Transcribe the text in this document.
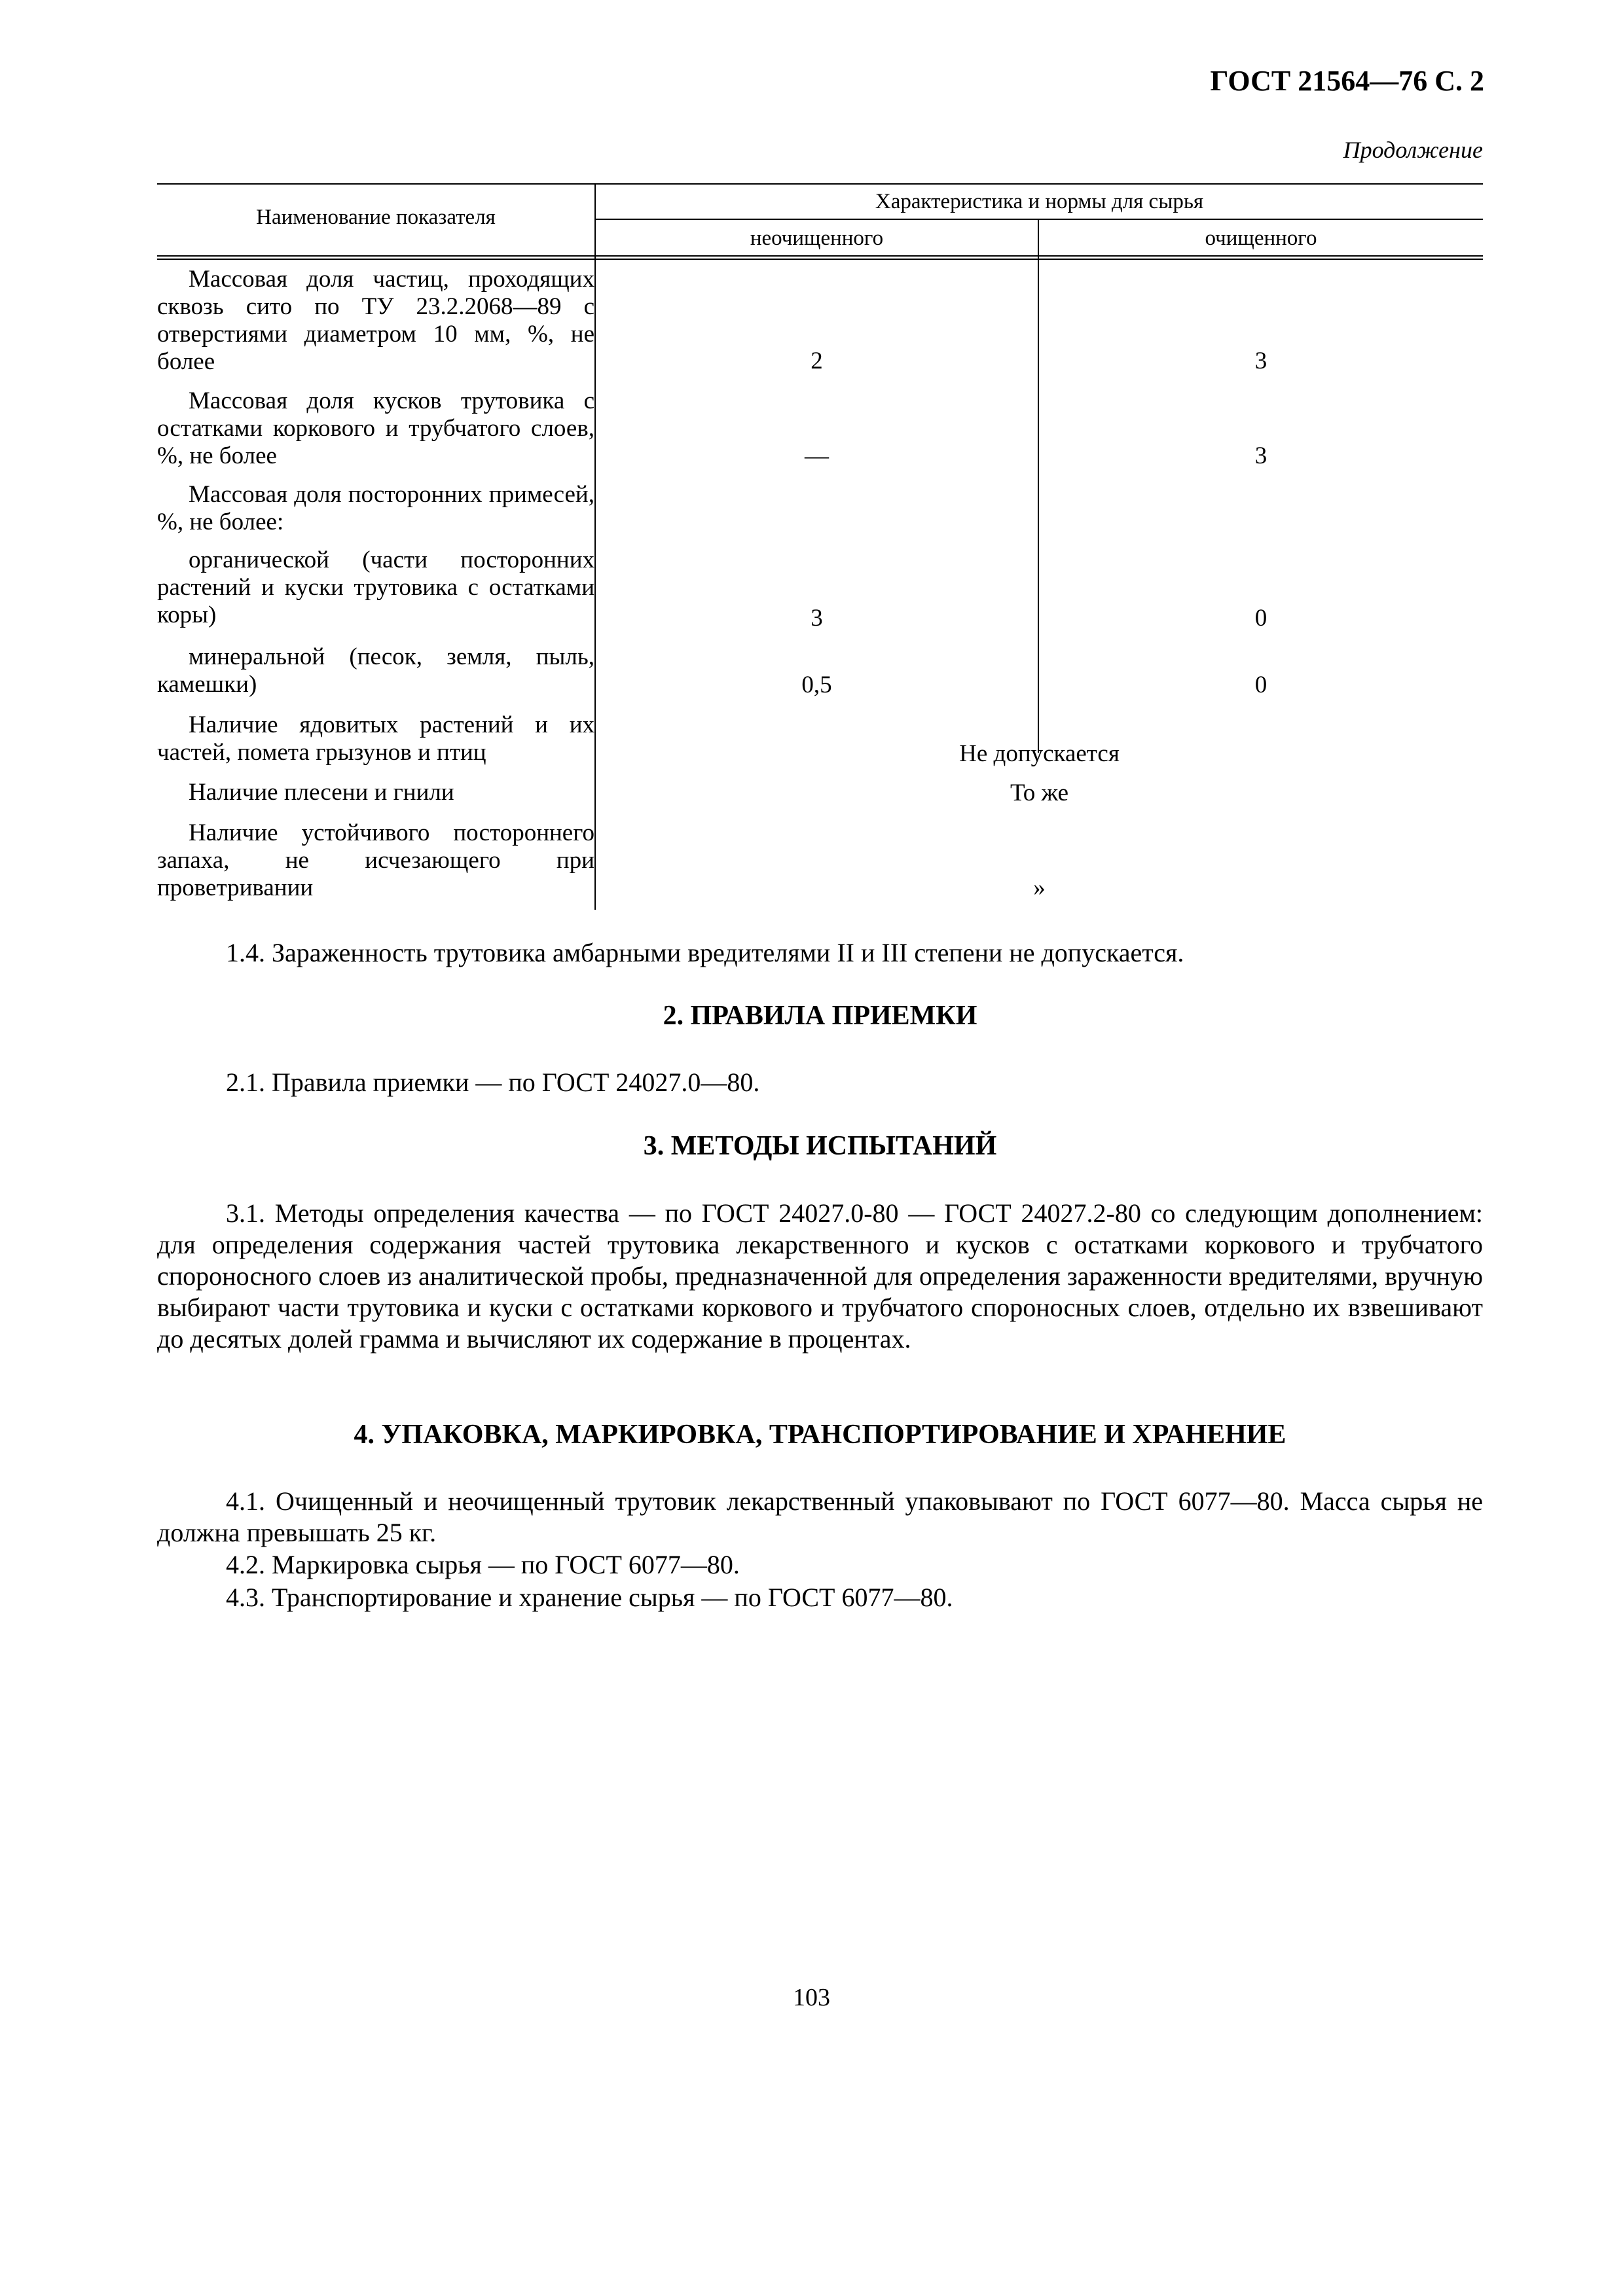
ГОСТ 21564—76 С. 2
Продолжение
Наименование показателя
Характеристика и нормы для сырья
неочищенного	очищенного
Массовая доля частиц, проходящих сквозь сито по ТУ 23.2.2068—89 с отверстиями диаметром 10 мм, %, не более	2	3
Массовая доля кусков трутовика с остатками коркового и трубчатого слоев, %, не более	—	3
Массовая доля посторонних примесей, %, не более:
органической (части посторонних растений и куски трутовика с остатками коры)	3	0
минеральной (песок, земля, пыль, камешки)	0,5	0
Наличие ядовитых растений и их частей, помета грызунов и птиц	Не допускается
Наличие плесени и гнили	То же
Наличие устойчивого постороннего запаха, не исчезающего при проветривании	»
1.4. Зараженность трутовика амбарными вредителями II и III степени не допускается.
2. ПРАВИЛА ПРИЕМКИ
2.1. Правила приемки — по ГОСТ 24027.0—80.
3. МЕТОДЫ ИСПЫТАНИЙ
3.1. Методы определения качества — по ГОСТ 24027.0-80 — ГОСТ 24027.2-80 со следующим дополнением: для определения содержания частей трутовика лекарственного и кусков с остатками коркового и трубчатого спороносного слоев из аналитической пробы, предназначенной для определения зараженности вредителями, вручную выбирают части трутовика и куски с остатками коркового и трубчатого спороносных слоев, отдельно их взвешивают до десятых долей грамма и вычисляют их содержание в процентах.
4. УПАКОВКА, МАРКИРОВКА, ТРАНСПОРТИРОВАНИЕ И ХРАНЕНИЕ
4.1. Очищенный и неочищенный трутовик лекарственный упаковывают по ГОСТ 6077—80. Масса сырья не должна превышать 25 кг.
4.2. Маркировка сырья — по ГОСТ 6077—80.
4.3. Транспортирование и хранение сырья — по ГОСТ 6077—80.
103
